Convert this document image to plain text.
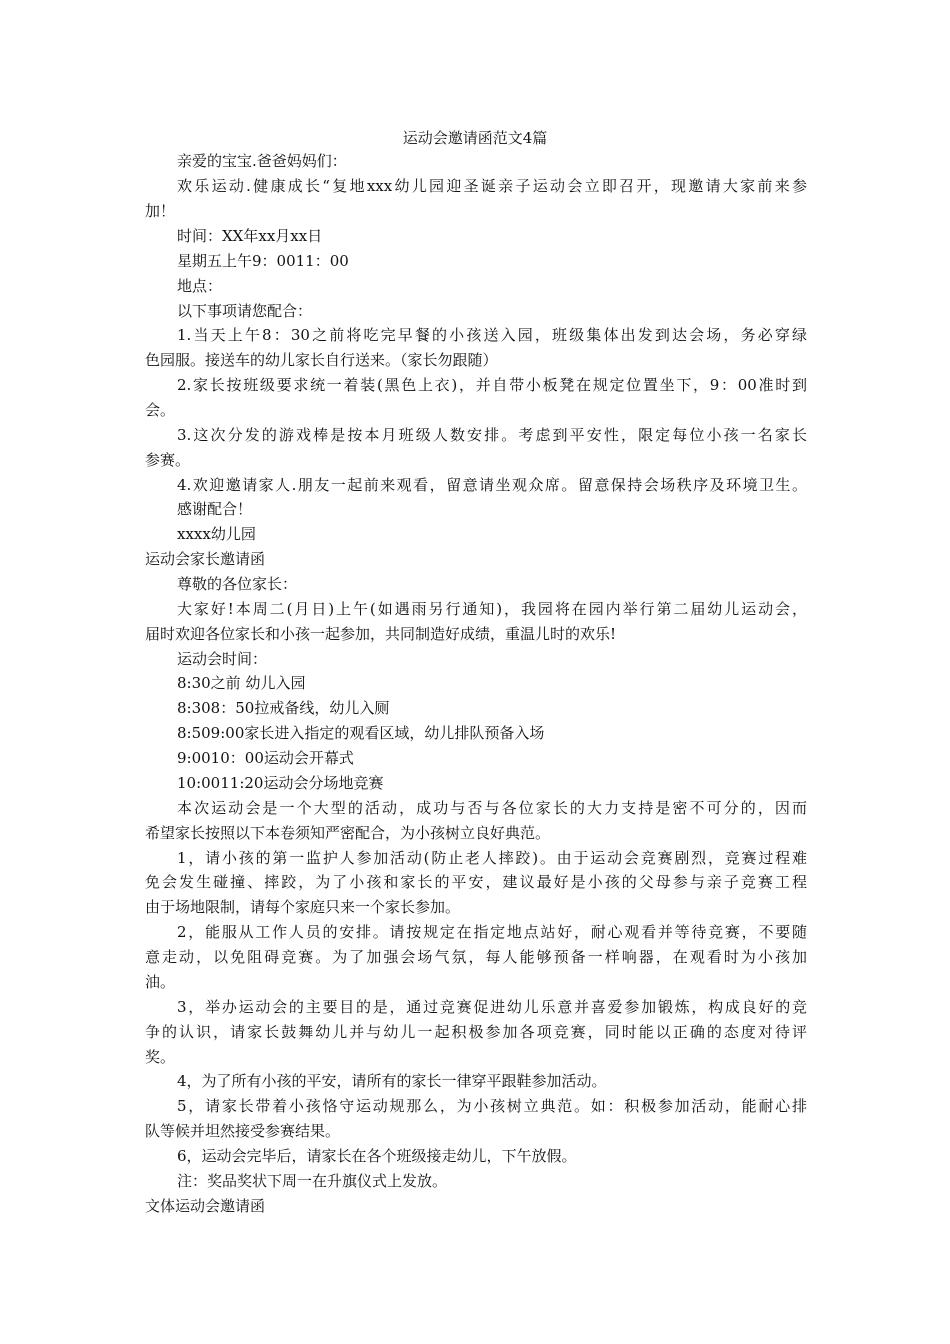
运动会邀请函范文4篇
亲爱的宝宝.爸爸妈妈们：
欢乐运动.健康成长“复地xxx幼儿园迎圣诞亲子运动会立即召开，现邀请大家前来参
加！
时间：XX年xx月xx日
星期五上午9：0011：00
地点：
以下事项请您配合：
1.当天上午8：30之前将吃完早餐的小孩送入园，班级集体出发到达会场，务必穿绿
色园服。接送车的幼儿家长自行送来。（家长勿跟随）
2.家长按班级要求统一着装(黑色上衣)，并自带小板凳在规定位置坐下，9：00准时到
会。
3.这次分发的游戏棒是按本月班级人数安排。考虑到平安性，限定每位小孩一名家长
参赛。
4.欢迎邀请家人.朋友一起前来观看，留意请坐观众席。留意保持会场秩序及环境卫生。
感谢配合！
xxxx幼儿园
运动会家长邀请函
尊敬的各位家长：
大家好!本周二(月日)上午(如遇雨另行通知)，我园将在园内举行第二届幼儿运动会，
届时欢迎各位家长和小孩一起参加，共同制造好成绩，重温儿时的欢乐!
运动会时间：
8:30之前 幼儿入园
8:308：50拉戒备线，幼儿入厕
8:509:00家长进入指定的观看区域，幼儿排队预备入场
9:0010：00运动会开幕式
10:0011:20运动会分场地竞赛
本次运动会是一个大型的活动，成功与否与各位家长的大力支持是密不可分的，因而
希望家长按照以下本卷须知严密配合，为小孩树立良好典范。
1，请小孩的第一监护人参加活动(防止老人摔跤)。由于运动会竞赛剧烈，竞赛过程难
免会发生碰撞、摔跤，为了小孩和家长的平安，建议最好是小孩的父母参与亲子竞赛工程
由于场地限制，请每个家庭只来一个家长参加。
2，能服从工作人员的安排。请按规定在指定地点站好，耐心观看并等待竞赛，不要随
意走动，以免阻碍竞赛。为了加强会场气氛，每人能够预备一样响器，在观看时为小孩加
油。
3，举办运动会的主要目的是，通过竞赛促进幼儿乐意并喜爱参加锻炼，构成良好的竞
争的认识，请家长鼓舞幼儿并与幼儿一起积极参加各项竞赛，同时能以正确的态度对待评
奖。
4，为了所有小孩的平安，请所有的家长一律穿平跟鞋参加活动。
5，请家长带着小孩恪守运动规那么，为小孩树立典范。如：积极参加活动，能耐心排
队等候并坦然接受参赛结果。
6，运动会完毕后，请家长在各个班级接走幼儿，下午放假。
注：奖品奖状下周一在升旗仪式上发放。
文体运动会邀请函
